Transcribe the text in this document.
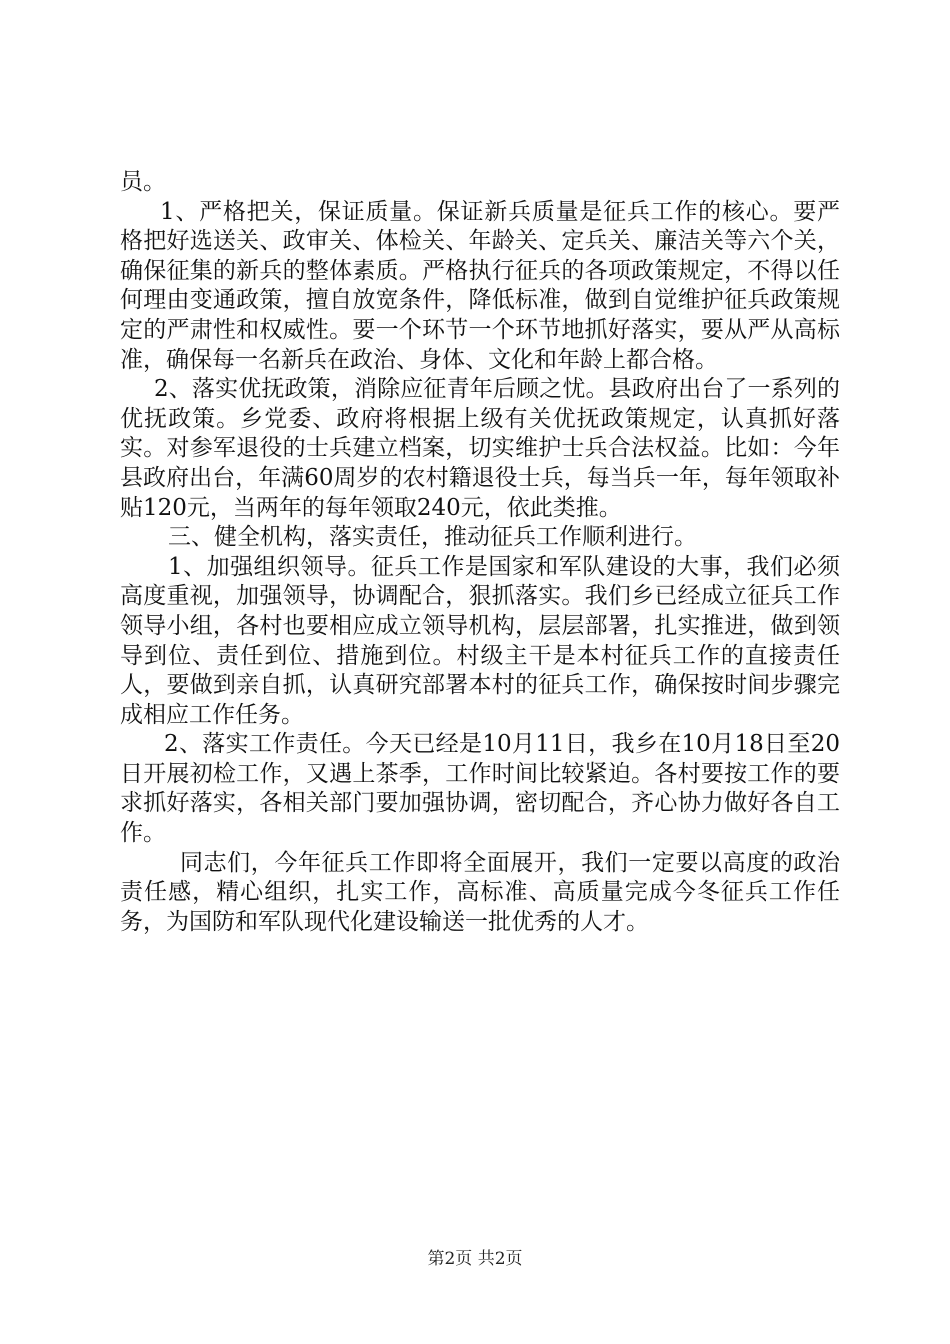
员。

1、严格把关，保证质量。保证新兵质量是征兵工作的核心。要严格把好选送关、政审关、体检关、年龄关、定兵关、廉洁关等六个关，确保征集的新兵的整体素质。严格执行征兵的各项政策规定，不得以任何理由变通政策，擅自放宽条件，降低标准，做到自觉维护征兵政策规定的严肃性和权威性。要一个环节一个环节地抓好落实，要从严从高标准，确保每一名新兵在政治、身体、文化和年龄上都合格。

2、落实优抚政策，消除应征青年后顾之忧。县政府出台了一系列的优抚政策。乡党委、政府将根据上级有关优抚政策规定，认真抓好落实。对参军退役的士兵建立档案，切实维护士兵合法权益。比如：今年县政府出台，年满60周岁的农村籍退役士兵，每当兵一年，每年领取补贴120元，当两年的每年领取240元，依此类推。

三、健全机构，落实责任，推动征兵工作顺利进行。

1、加强组织领导。征兵工作是国家和军队建设的大事，我们必须高度重视，加强领导，协调配合，狠抓落实。我们乡已经成立征兵工作领导小组，各村也要相应成立领导机构，层层部署，扎实推进，做到领导到位、责任到位、措施到位。村级主干是本村征兵工作的直接责任人，要做到亲自抓，认真研究部署本村的征兵工作，确保按时间步骤完成相应工作任务。

2、落实工作责任。今天已经是10月11日，我乡在10月18日至20日开展初检工作，又遇上茶季，工作时间比较紧迫。各村要按工作的要求抓好落实，各相关部门要加强协调，密切配合，齐心协力做好各自工作。

同志们，今年征兵工作即将全面展开，我们一定要以高度的政治责任感，精心组织，扎实工作，高标准、高质量完成今冬征兵工作任务，为国防和军队现代化建设输送一批优秀的人才。

第2页 共2页
